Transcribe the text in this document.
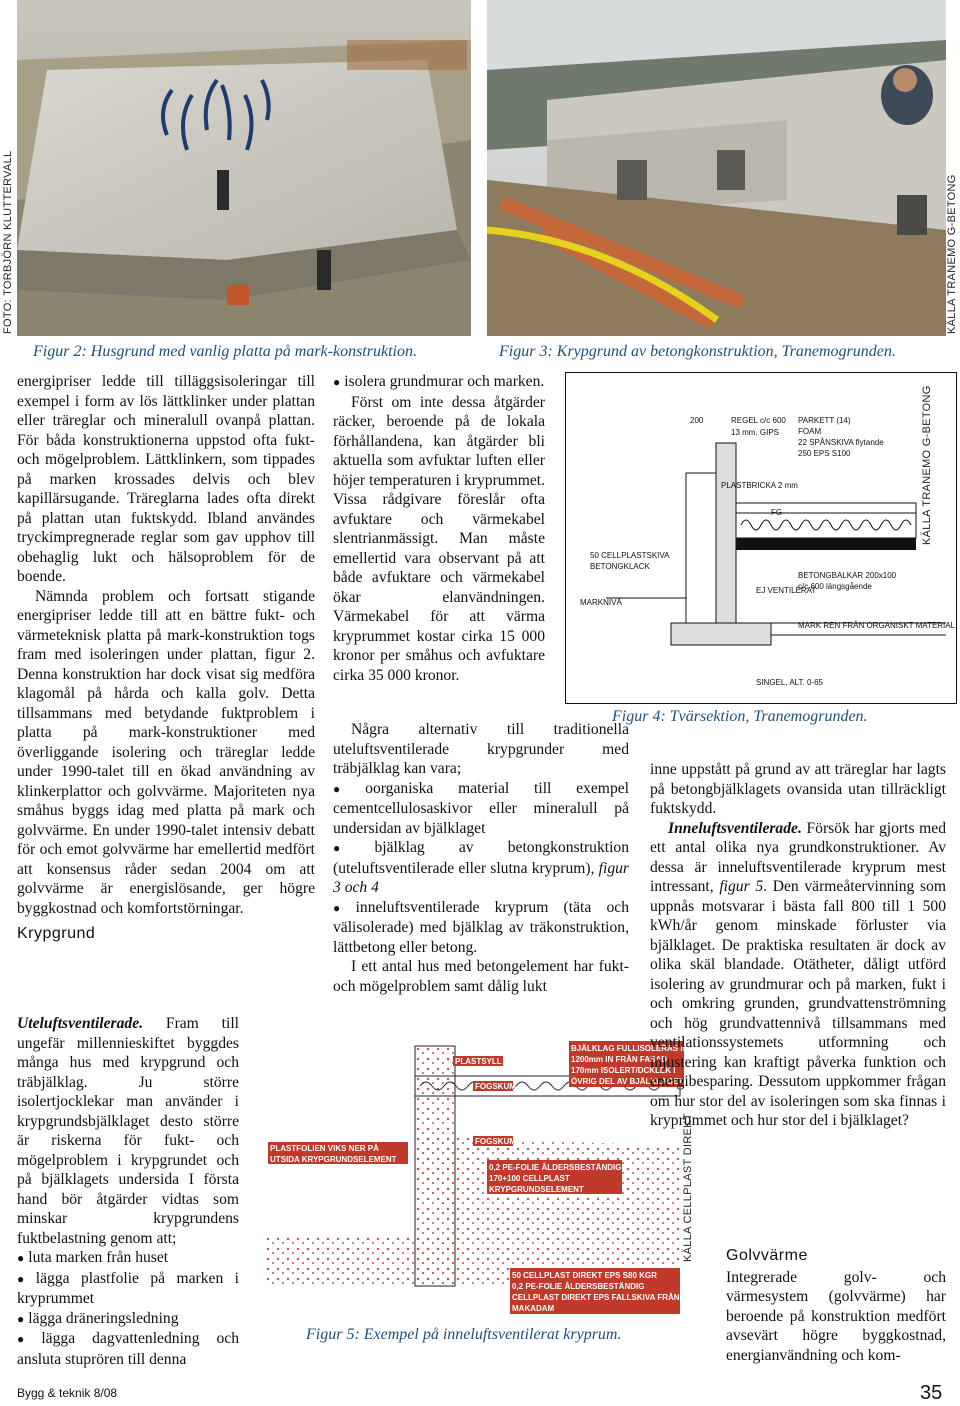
FOTO: TORBJÖRN KLUTTERVALL	KÄLLA TRANEMO G-BETONG
Figur 2: Husgrund med vanlig platta på mark-konstruktion.	Figur 3: Krypgrund av betongkonstruktion, Tranemogrunden.
200	REGEL c/c 600
13 mm. GIPS
PARKETT (14)
FOAM
22 SPÅNSKIVA flytande
250 EPS S100
PLASTBRICKA 2 mm
FG
50 CELLPLASTSKIVA
BETONGKLACK
MARKNIVÅ
EJ VENTILERAT
BETONGBALKAR 200x100
c/c 600 längsgående
MARK REN FRÅN ORGANISKT MATERIAL
SINGEL, ALT. 0-65
KÄLLA TRANEMO G-BETONG
Figur 4: Tvärsektion, Tranemogrunden.
PLASTSYLL
FOGSKUM
FOGSKUM
BJÄLKLAG FULLISOLERAS max
1200mm IN FRÅN FASAD,
170mm ISOLERT/DCKLEK I
ÖVRIG DEL AV BJÄLKLAGET
PLASTFOLIEN VIKS NER PÅ
UTSIDA KRYPGRUNDSELEMENT
0,2 PE-FOLIE ÅLDERSBESTÄNDIG
170+100 CELLPLAST
KRYPGRUNDSELEMENT
50 CELLPLAST DIREKT EPS S80 KGR
0,2 PE-FOLIE ÅLDERSBESTÄNDIG
CELLPLAST DIREKT EPS FALLSKIVA FRÅN 200mm
MAKADAM
KÄLLA CELLPLAST DIREKT
Figur 5: Exempel på inneluftsventilerat kryprum.

energipriser ledde till tilläggsisoleringar till exempel i form av lös lättklinker under plattan eller träreglar och mineralull ovanpå plattan. För båda konstruktionerna uppstod ofta fukt- och mögelproblem. Lättklinkern, som tippades på marken krossades delvis och blev kapillärsugande. Träreglarna lades ofta direkt på plattan utan fuktskydd. Ibland användes tryckimpregnerade reglar som gav upphov till obehaglig lukt och hälsoproblem för de boende.

Nämnda problem och fortsatt stigande energipriser ledde till att en bättre fukt- och värmeteknisk platta på mark-konstruktion togs fram med isoleringen under plattan, figur 2. Denna konstruktion har dock visat sig medföra klagomål på hårda och kalla golv. Detta tillsammans med betydande fuktproblem i platta på mark-konstruktioner med överliggande isolering och träreglar ledde under 1990-talet till en ökad användning av klinkerplattor och golvvärme. Majoriteten nya småhus byggs idag med platta på mark och golvvärme. En under 1990-talet intensiv debatt för och emot golvvärme har emellertid medfört att konsensus råder sedan 2004 om att golvvärme är energislösande, ger högre byggkostnad och komfortstörningar.

Krypgrund

Uteluftsventilerade. Fram till ungefär millennieskiftet byggdes många hus med krypgrund och träbjälklag. Ju större isolertjocklekar man använder i krypgrundsbjälklaget desto större är riskerna för fukt- och mögelproblem i krypgrundet och på bjälklagets undersida I första hand bör åtgärder vidtas som minskar krypgrundens fuktbelastning genom att;

● luta marken från huset
● lägga plastfolie på marken i kryprummet
● lägga dräneringsledning
● lägga dagvattenledning och ansluta stuprören till denna
● isolera grundmurar och marken.

Först om inte dessa åtgärder räcker, beroende på de lokala förhållandena, kan åtgärder bli aktuella som avfuktar luften eller höjer temperaturen i kryprummet. Vissa rådgivare föreslår ofta avfuktare och värmekabel slentrianmässigt. Man måste emellertid vara observant på att både avfuktare och värmekabel ökar elanvändningen. Värmekabel för att värma kryprummet kostar cirka 15 000 kronor per småhus och avfuktare cirka 35 000 kronor.

Några alternativ till traditionella uteluftsventilerade krypgrunder med träbjälklag kan vara;

● oorganiska material till exempel cementcellulosaskivor eller mineralull på undersidan av bjälklaget
● bjälklag av betongkonstruktion (uteluftsventilerade eller slutna kryprum), figur 3 och 4
● inneluftsventilerade kryprum (täta och välisolerade) med bjälklag av träkonstruktion, lättbetong eller betong.

I ett antal hus med betongelement har fukt- och mögelproblem samt dålig lukt

inne uppstått på grund av att träreglar har lagts på betongbjälklagets ovansida utan tillräckligt fuktskydd.

Inneluftsventilerade. Försök har gjorts med ett antal olika nya grundkonstruktioner. Av dessa är inneluftsventilerade kryprum mest intressant, figur 5. Den värmeåtervinning som uppnås motsvarar i bästa fall 800 till 1 500 kWh/år genom minskade förluster via bjälklaget. De praktiska resultaten är dock av olika skäl blandade. Otätheter, dåligt utförd isolering av grundmurar och på marken, fukt i och omkring grunden, grundvattenströmning och hög grundvattennivå tillsammans med ventilationssystemets utformning och injustering kan kraftigt påverka funktion och energibesparing. Dessutom uppkommer frågan om hur stor del av isoleringen som ska finnas i kryprummet och hur stor del i bjälklaget?

Golvvärme

Integrerade golv- och värmesystem (golvvärme) har berоende på konstruktion medfört avsevärt högre byggkostnad, energianvändning och kom-

Bygg & teknik 8/08	35
